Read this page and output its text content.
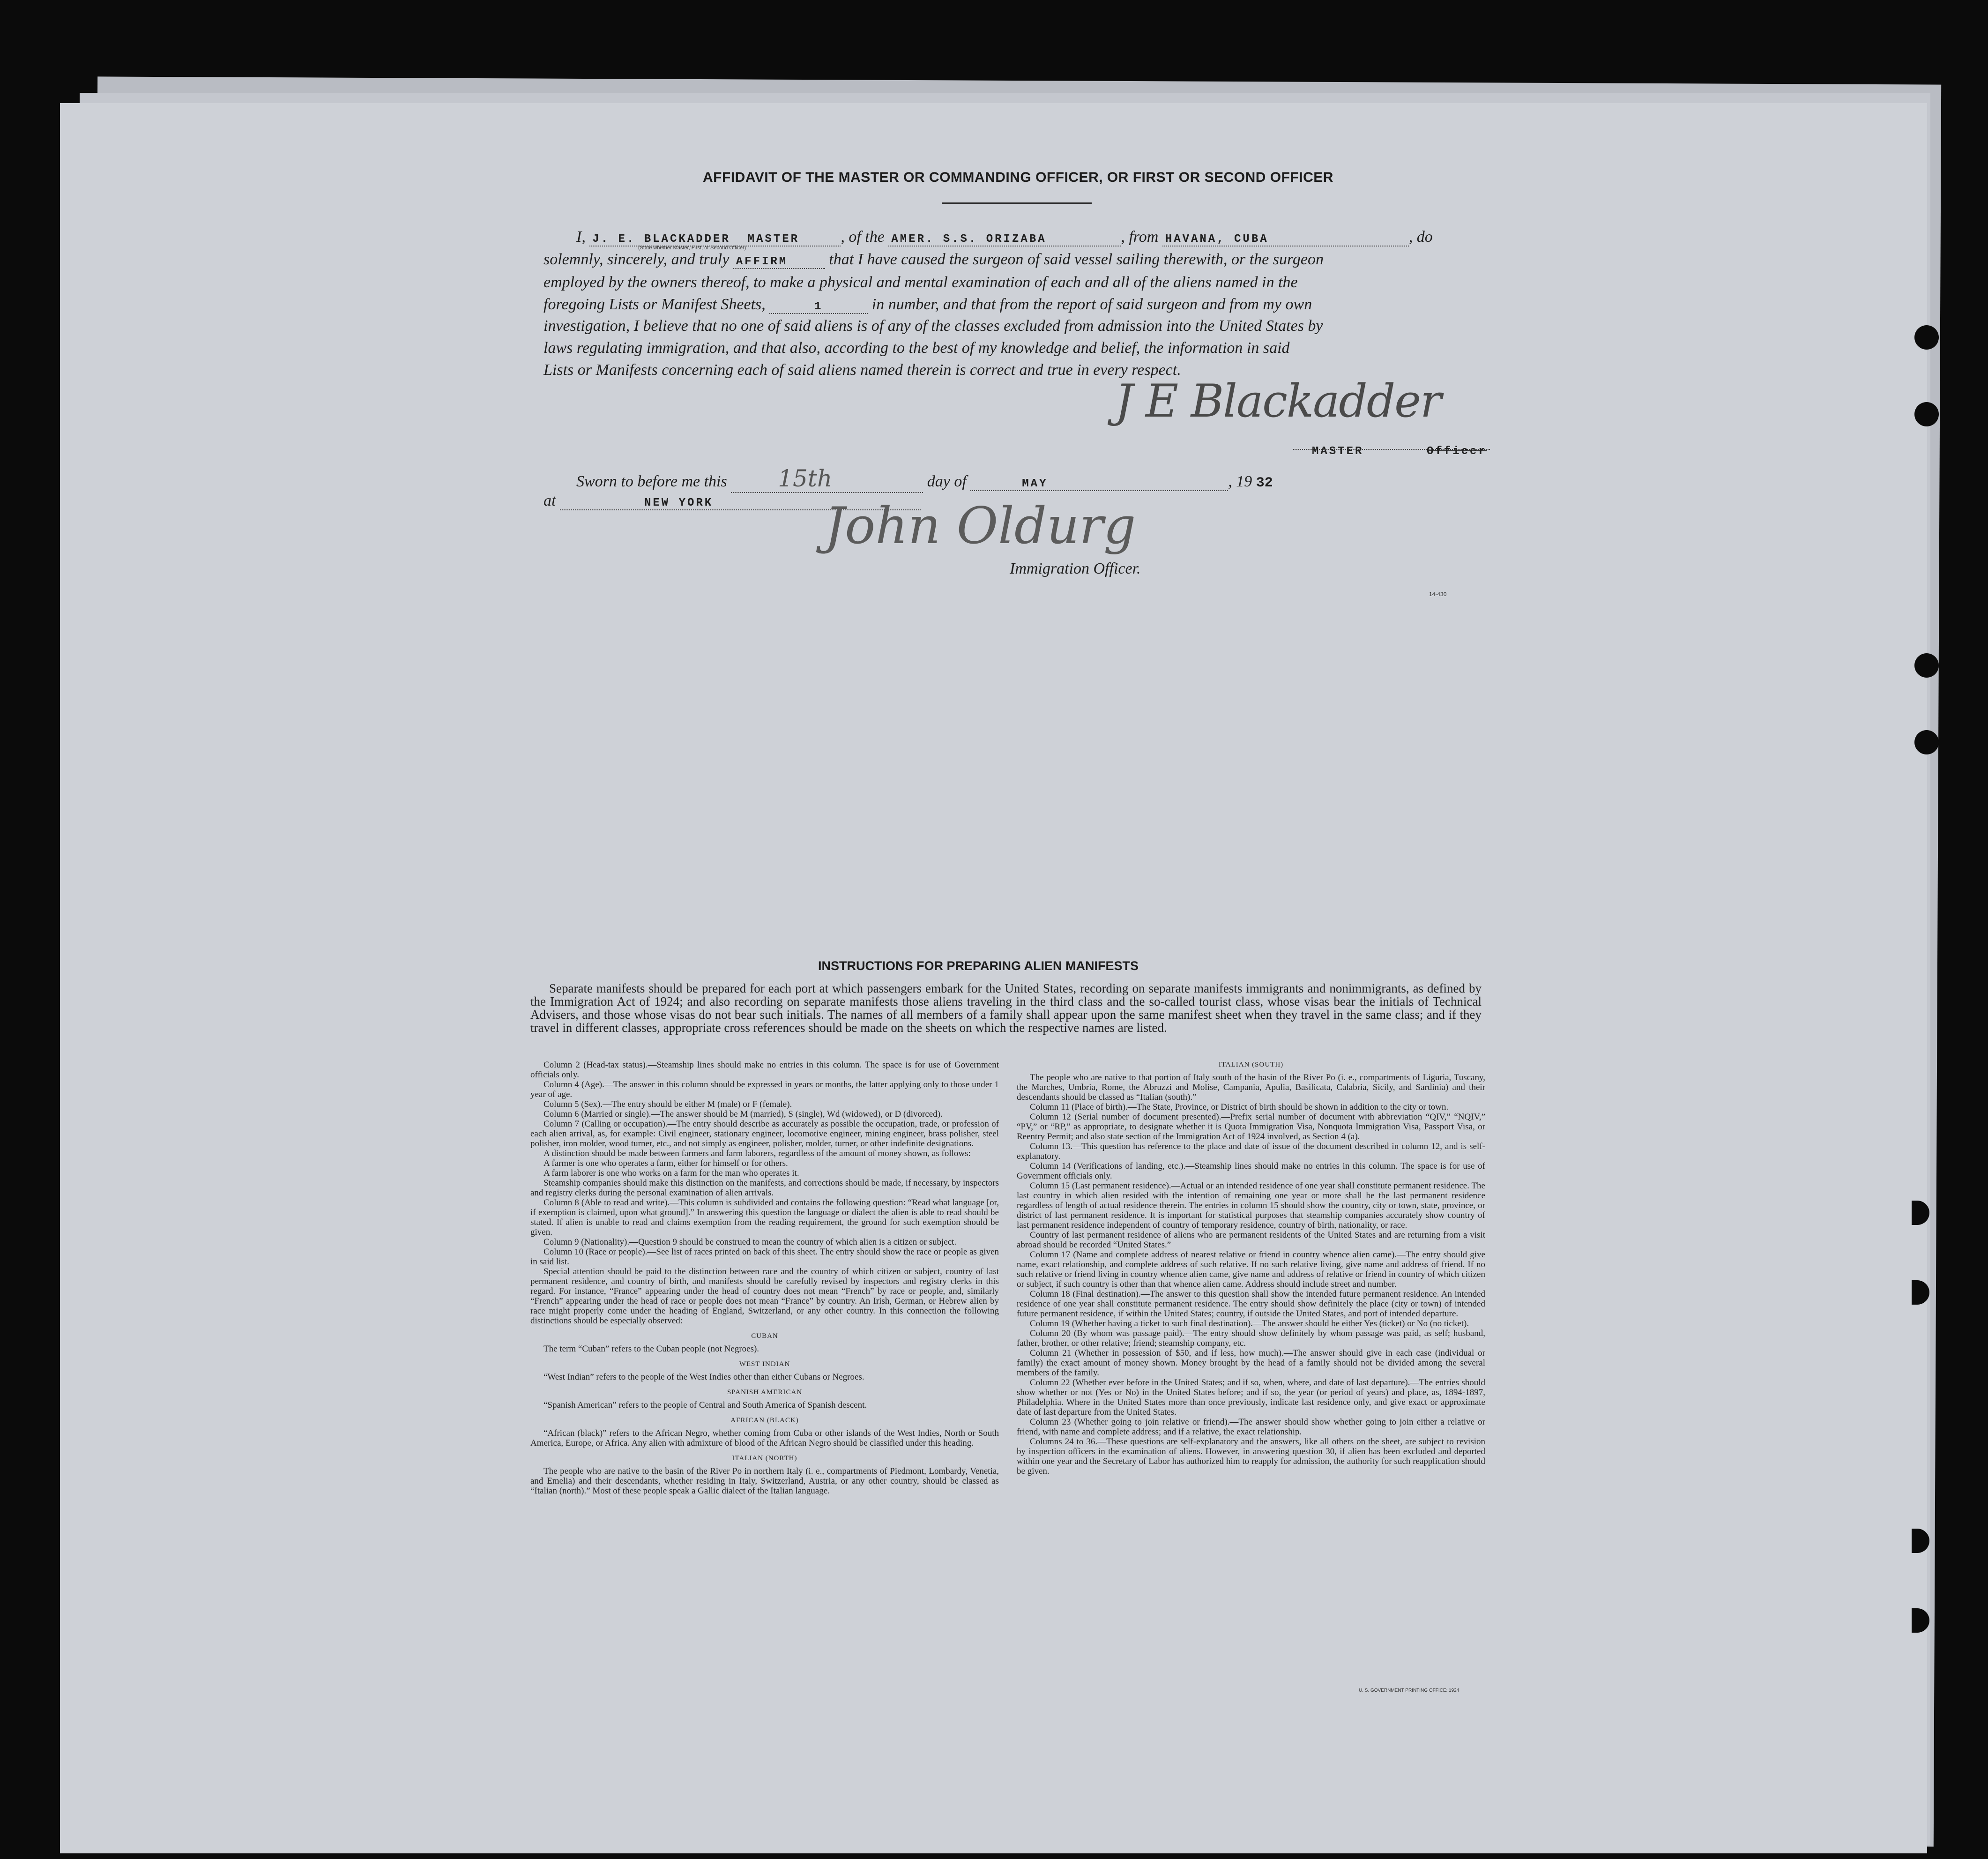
AFFIDAVIT OF THE MASTER OR COMMANDING OFFICER, OR FIRST OR SECOND OFFICER
I, J. E. BLACKADDER MASTER	, of the AMER. S.S. ORIZABA	, from HAVANA, CUBA	, do
(State whether Master, First, or Second Officer)
solemnly, sincerely, and truly AFFIRM	that I have caused the surgeon of said vessel sailing therewith, or the surgeon
employed by the owners thereof, to make a physical and mental examination of each and all of the aliens named in the
foregoing Lists or Manifest Sheets,	1	in number, and that from the report of said surgeon and from my own
investigation, I believe that no one of said aliens is of any of the classes excluded from admission into the United States by
laws regulating immigration, and that also, according to the best of my knowledge and belief, the information in said
Lists or Manifests concerning each of said aliens named therein is correct and true in every respect.
J E Blackadder
MASTER	Officer
Sworn to before me this 15th	day of	MAY	, 19 32
at	NEW YORK	John Oldurg
Immigration Officer.
14-430
INSTRUCTIONS FOR PREPARING ALIEN MANIFESTS
Separate manifests should be prepared for each port at which passengers embark for the United States, recording on separate manifests immigrants and nonimmigrants, as defined by the Immigration Act of 1924; and also recording on separate manifests those aliens traveling in the third class and the so-called tourist class, whose visas bear the initials of Technical Advisers, and those whose visas do not bear such initials. The names of all members of a family shall appear upon the same manifest sheet when they travel in the same class; and if they travel in different classes, appropriate cross references should be made on the sheets on which the respective names are listed.

Column 2 (Head-tax status).—Steamship lines should make no entries in this column. The space is for use of Government officials only.

Column 4 (Age).—The answer in this column should be expressed in years or months, the latter applying only to those under 1 year of age.

Column 5 (Sex).—The entry should be either M (male) or F (female).

Column 6 (Married or single).—The answer should be M (married), S (single), Wd (widowed), or D (divorced).

Column 7 (Calling or occupation).—The entry should describe as accurately as possible the occupation, trade, or profession of each alien arrival, as, for example: Civil engineer, stationary engineer, locomotive engineer, mining engineer, brass polisher, steel polisher, iron molder, wood turner, etc., and not simply as engineer, polisher, molder, turner, or other indefinite designations.

A distinction should be made between farmers and farm laborers, regardless of the amount of money shown, as follows:

A farmer is one who operates a farm, either for himself or for others.

A farm laborer is one who works on a farm for the man who operates it.

Steamship companies should make this distinction on the manifests, and corrections should be made, if necessary, by inspectors and registry clerks during the personal examination of alien arrivals.

Column 8 (Able to read and write).—This column is subdivided and contains the following question: “Read what language [or, if exemption is claimed, upon what ground].” In answering this question the language or dialect the alien is able to read should be stated. If alien is unable to read and claims exemption from the reading requirement, the ground for such exemption should be given.

Column 9 (Nationality).—Question 9 should be construed to mean the country of which alien is a citizen or subject.

Column 10 (Race or people).—See list of races printed on back of this sheet. The entry should show the race or people as given in said list.

Special attention should be paid to the distinction between race and the country of which citizen or subject, country of last permanent residence, and country of birth, and manifests should be carefully revised by inspectors and registry clerks in this regard. For instance, “France” appearing under the head of country does not mean “French” by race or people, and, similarly “French” appearing under the head of race or people does not mean “France” by country. An Irish, German, or Hebrew alien by race might properly come under the heading of England, Switzerland, or any other country. In this connection the following distinctions should be especially observed:

CUBAN

The term “Cuban” refers to the Cuban people (not Negroes).

WEST INDIAN

“West Indian” refers to the people of the West Indies other than either Cubans or Negroes.

SPANISH AMERICAN

“Spanish American” refers to the people of Central and South America of Spanish descent.

AFRICAN (BLACK)

“African (black)” refers to the African Negro, whether coming from Cuba or other islands of the West Indies, North or South America, Europe, or Africa. Any alien with admixture of blood of the African Negro should be classified under this heading.

ITALIAN (NORTH)

The people who are native to the basin of the River Po in northern Italy (i. e., compartments of Piedmont, Lombardy, Venetia, and Emelia) and their descendants, whether residing in Italy, Switzerland, Austria, or any other country, should be classed as “Italian (north).” Most of these people speak a Gallic dialect of the Italian language.

ITALIAN (SOUTH)

The people who are native to that portion of Italy south of the basin of the River Po (i. e., compartments of Liguria, Tuscany, the Marches, Umbria, Rome, the Abruzzi and Molise, Campania, Apulia, Basilicata, Calabria, Sicily, and Sardinia) and their descendants should be classed as “Italian (south).”

Column 11 (Place of birth).—The State, Province, or District of birth should be shown in addition to the city or town.

Column 12 (Serial number of document presented).—Prefix serial number of document with abbreviation “QIV,” “NQIV,” “PV,” or “RP,” as appropriate, to designate whether it is Quota Immigration Visa, Nonquota Immigration Visa, Passport Visa, or Reentry Permit; and also state section of the Immigration Act of 1924 involved, as Section 4 (a).

Column 13.—This question has reference to the place and date of issue of the document described in column 12, and is self-explanatory.

Column 14 (Verifications of landing, etc.).—Steamship lines should make no entries in this column. The space is for use of Government officials only.

Column 15 (Last permanent residence).—Actual or an intended residence of one year shall constitute permanent residence. The last country in which alien resided with the intention of remaining one year or more shall be the last permanent residence regardless of length of actual residence therein. The entries in column 15 should show the country, city or town, state, province, or district of last permanent residence. It is important for statistical purposes that steamship companies accurately show country of last permanent residence independent of country of temporary residence, country of birth, nationality, or race.

Country of last permanent residence of aliens who are permanent residents of the United States and are returning from a visit abroad should be recorded “United States.”

Column 17 (Name and complete address of nearest relative or friend in country whence alien came).—The entry should give name, exact relationship, and complete address of such relative. If no such relative living, give name and address of friend. If no such relative or friend living in country whence alien came, give name and address of relative or friend in country of which citizen or subject, if such country is other than that whence alien came. Address should include street and number.

Column 18 (Final destination).—The answer to this question shall show the intended future permanent residence. An intended residence of one year shall constitute permanent residence. The entry should show definitely the place (city or town) of intended future permanent residence, if within the United States; country, if outside the United States, and port of intended departure.

Column 19 (Whether having a ticket to such final destination).—The answer should be either Yes (ticket) or No (no ticket).

Column 20 (By whom was passage paid).—The entry should show definitely by whom passage was paid, as self; husband, father, brother, or other relative; friend; steamship company, etc.

Column 21 (Whether in possession of $50, and if less, how much).—The answer should give in each case (individual or family) the exact amount of money shown. Money brought by the head of a family should not be divided among the several members of the family.

Column 22 (Whether ever before in the United States; and if so, when, where, and date of last departure).—The entries should show whether or not (Yes or No) in the United States before; and if so, the year (or period of years) and place, as, 1894-1897, Philadelphia. Where in the United States more than once previously, indicate last residence only, and give exact or approximate date of last departure from the United States.

Column 23 (Whether going to join relative or friend).—The answer should show whether going to join either a relative or friend, with name and complete address; and if a relative, the exact relationship.

Columns 24 to 36.—These questions are self-explanatory and the answers, like all others on the sheet, are subject to revision by inspection officers in the examination of aliens. However, in answering question 30, if alien has been excluded and deported within one year and the Secretary of Labor has authorized him to reapply for admission, the authority for such reapplication should be given.

U. S. GOVERNMENT PRINTING OFFICE: 1924
